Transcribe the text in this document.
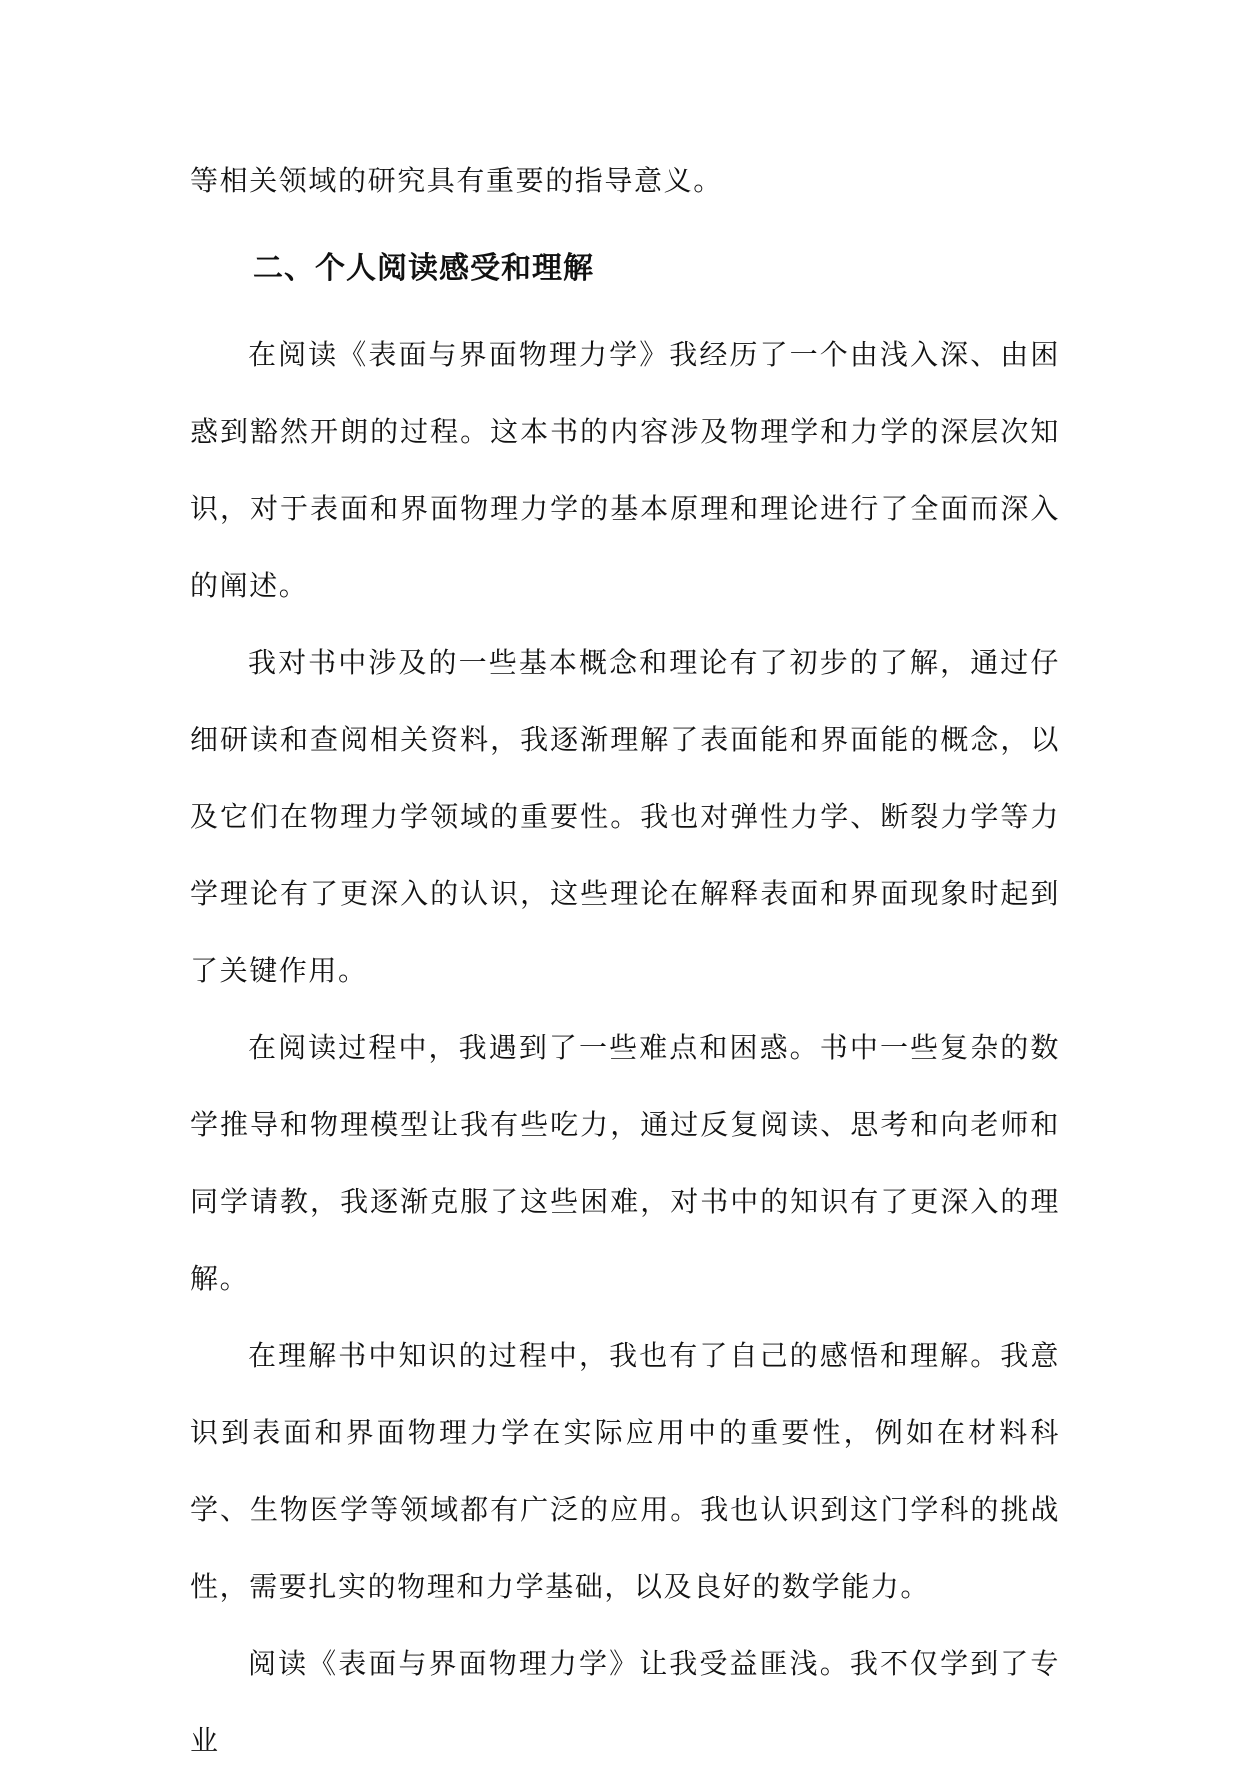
等相关领域的研究具有重要的指导意义。

二、个人阅读感受和理解

在阅读《表面与界面物理力学》我经历了一个由浅入深、由困惑到豁然开朗的过程。这本书的内容涉及物理学和力学的深层次知识，对于表面和界面物理力学的基本原理和理论进行了全面而深入的阐述。

我对书中涉及的一些基本概念和理论有了初步的了解，通过仔细研读和查阅相关资料，我逐渐理解了表面能和界面能的概念，以及它们在物理力学领域的重要性。我也对弹性力学、断裂力学等力学理论有了更深入的认识，这些理论在解释表面和界面现象时起到了关键作用。

在阅读过程中，我遇到了一些难点和困惑。书中一些复杂的数学推导和物理模型让我有些吃力，通过反复阅读、思考和向老师和同学请教，我逐渐克服了这些困难，对书中的知识有了更深入的理解。

在理解书中知识的过程中，我也有了自己的感悟和理解。我意识到表面和界面物理力学在实际应用中的重要性，例如在材料科学、生物医学等领域都有广泛的应用。我也认识到这门学科的挑战性，需要扎实的物理和力学基础，以及良好的数学能力。

阅读《表面与界面物理力学》让我受益匪浅。我不仅学到了专业
